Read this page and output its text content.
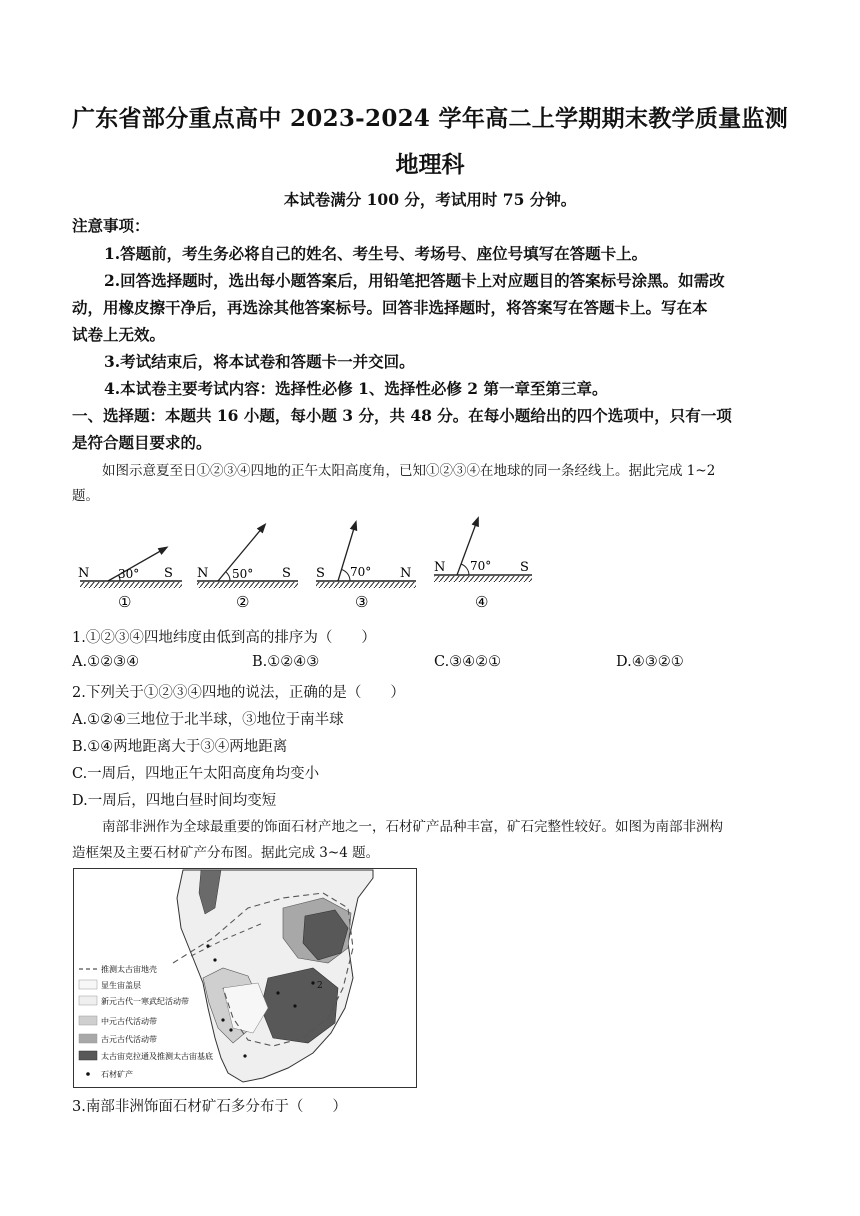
广东省部分重点高中 2023-2024 学年高二上学期期末教学质量监测
地理科
本试卷满分 100 分，考试用时 75 分钟。
注意事项：
1.答题前，考生务必将自己的姓名、考生号、考场号、座位号填写在答题卡上。
2.回答选择题时，选出每小题答案后，用铅笔把答题卡上对应题目的答案标号涂黑。如需改
动，用橡皮擦干净后，再选涂其他答案标号。回答非选择题时，将答案写在答题卡上。写在本
试卷上无效。
3.考试结束后，将本试卷和答题卡一并交回。
4.本试卷主要考试内容：选择性必修 1、选择性必修 2 第一章至第三章。
一、选择题：本题共 16 小题，每小题 3 分，共 48 分。在每小题给出的四个选项中，只有一项
是符合题目要求的。
如图示意夏至日①②③④四地的正午太阳高度角，已知①②③④在地球的同一条经线上。据此完成 1~2
题。
N 30° S
①
N 50° S
②
S 70° N
③
N 70° S
④
1.①②③④四地纬度由低到高的排序为（　　）
A.①②③④	B.①②④③	C.③④②①	D.④③②①
2.下列关于①②③④四地的说法，正确的是（　　）
A.①②④三地位于北半球，③地位于南半球
B.①④两地距离大于③④两地距离
C.一周后，四地正午太阳高度角均变小
D.一周后，四地白昼时间均变短
南部非洲作为全球最重要的饰面石材产地之一，石材矿产品种丰富，矿石完整性较好。如图为南部非洲构
造框架及主要石材矿产分布图。据此完成 3~4 题。
2
推测太古宙地壳
显生宙盖层
新元古代一寒武纪活动带
中元古代活动带
古元古代活动带
太古宙克拉通及推测太古宙基底
石材矿产
3.南部非洲饰面石材矿石多分布于（　　）
